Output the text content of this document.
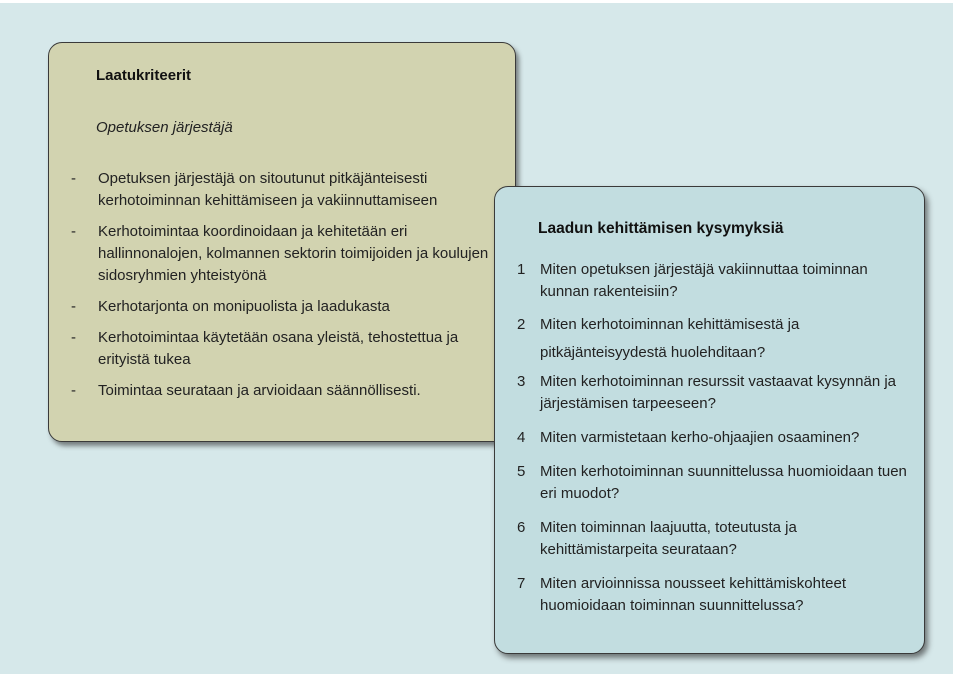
Laatukriteerit
Opetuksen järjestäjä
-	Opetuksen järjestäjä on sitoutunut pitkäjänteisesti kerhotoiminnan kehittämiseen ja vakiinnuttamiseen
-	Kerhotoimintaa koordinoidaan ja kehitetään eri hallinnonalojen, kolmannen sektorin toimijoiden ja koulujen sidosryhmien yhteistyönä
-	Kerhotarjonta on monipuolista ja laadukasta
-	Kerhotoimintaa käytetään osana yleistä, tehostettua ja erityistä tukea
-	Toimintaa seurataan ja arvioidaan säännöllisesti.
Laadun kehittämisen kysymyksiä
1 Miten opetuksen järjestäjä vakiinnuttaa toiminnan kunnan rakenteisiin?
2 Miten kerhotoiminnan kehittämisestä ja pitkäjänteisyydestä huolehditaan?
3 Miten kerhotoiminnan resurssit vastaavat kysynnän ja järjestämisen tarpeeseen?
4 Miten varmistetaan kerho-ohjaajien osaaminen?
5 Miten kerhotoiminnan suunnittelussa huomioidaan tuen eri muodot?
6 Miten toiminnan laajuutta, toteutusta ja kehittämistarpeita seurataan?
7 Miten arvioinnissa nousseet kehittämiskohteet huomioidaan toiminnan suunnittelussa?
